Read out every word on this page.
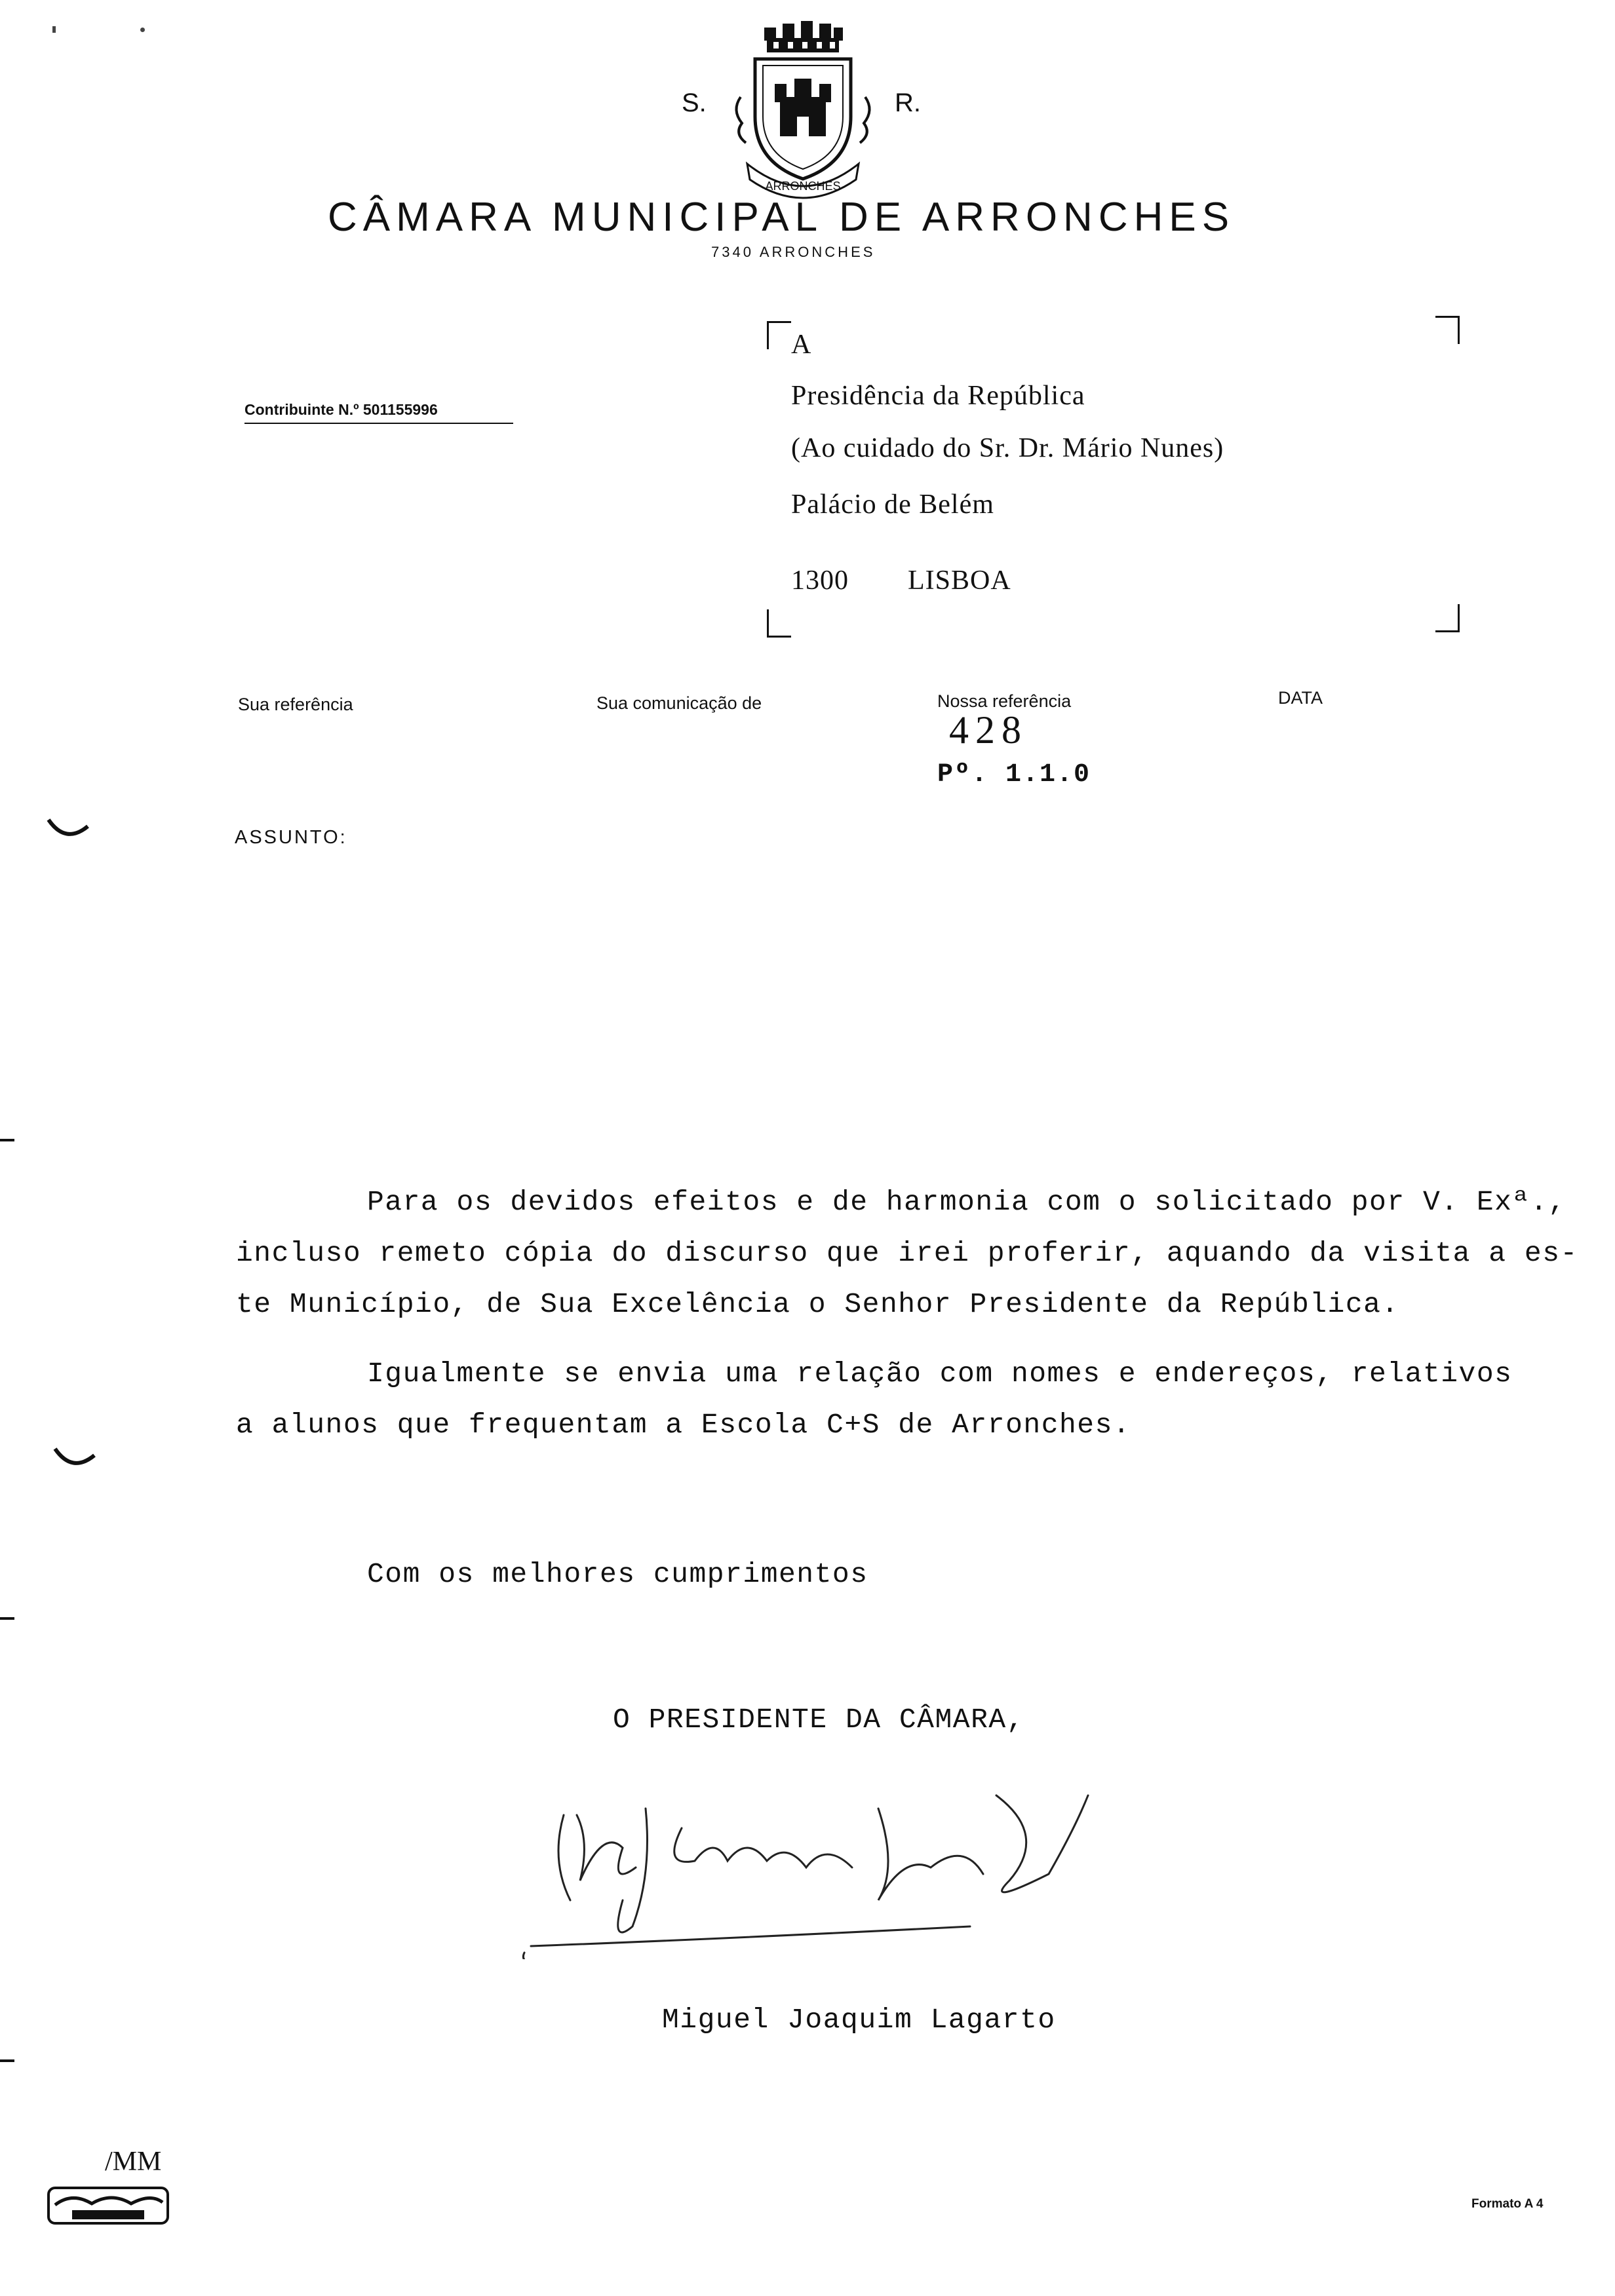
S.	R.
ARRONCHES
CÂMARA MUNICIPAL DE ARRONCHES
7340 ARRONCHES
Contribuinte N.º 501155996
A
Presidência da República
(Ao cuidado do Sr. Dr. Mário Nunes)
Palácio de Belém
1300 LISBOA
Sua referência	Sua comunicação de	Nossa referência	DATA
428
Pº. 1.1.0
ASSUNTO:
Para os devidos efeitos e de harmonia com o solicitado por V. Exª.,
incluso remeto cópia do discurso que irei proferir, aquando da visita a es-
te Município, de Sua Excelência o Senhor Presidente da República.
Igualmente se envia uma relação com nomes e endereços, relativos
a alunos que frequentam a Escola C+S de Arronches.
Com os melhores cumprimentos
O PRESIDENTE DA CÂMARA,
Miguel Joaquim Lagarto
/MM
Formato A 4
